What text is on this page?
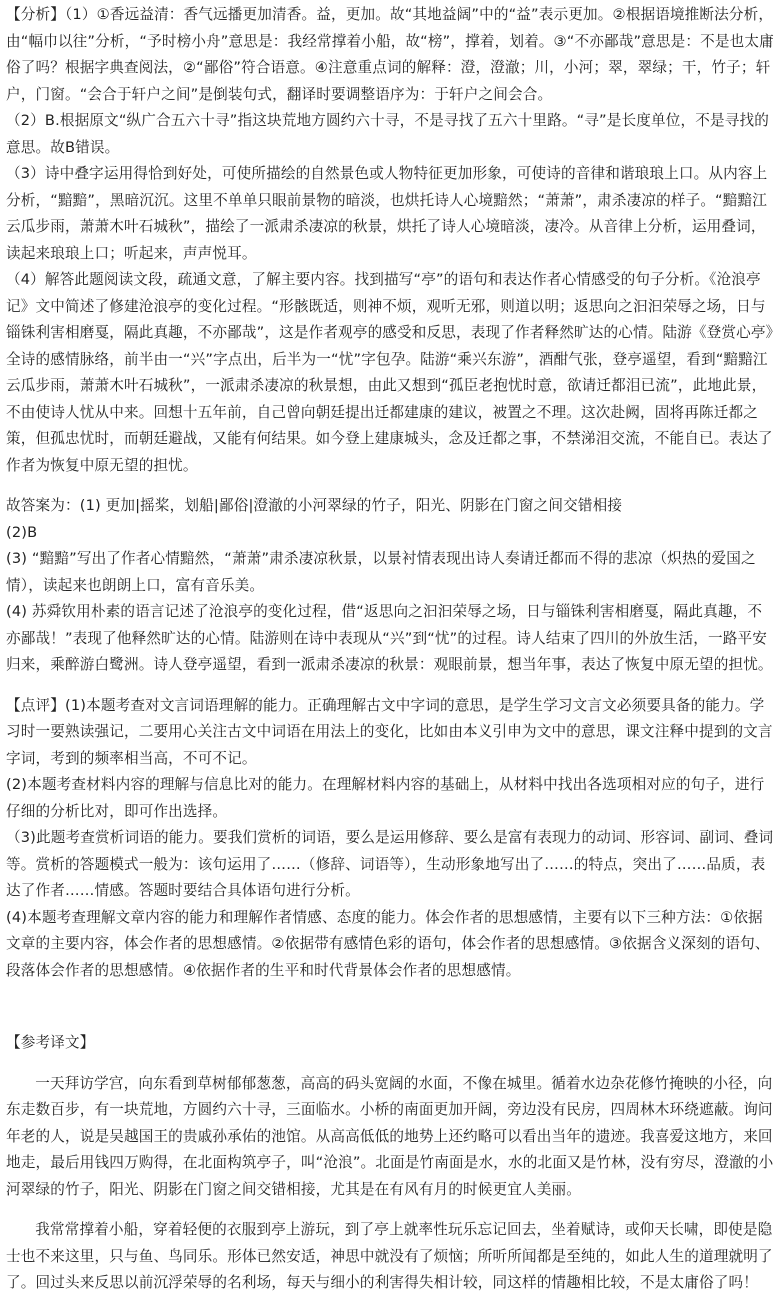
【分析】（1）①香远益清：香气远播更加清香。益，更加。故“其地益阔”中的“益”表示更加。②根据语境推断法分析，由“幅巾以往”分析，“予时榜小舟”意思是：我经常撑着小船，故“榜”，撑着，划着。③“不亦鄙哉”意思是：不是也太庸俗了吗？根据字典查阅法，②“鄙俗”符合语意。④注意重点词的解释：澄，澄澈；川，小河；翠，翠绿；干，竹子；轩户，门窗。“会合于轩户之间”是倒装句式，翻译时要调整语序为：于轩户之间会合。

（2）B.根据原文“纵广合五六十寻”指这块荒地方圆约六十寻，不是寻找了五六十里路。“寻”是长度单位，不是寻找的意思。故B错误。

（3）诗中叠字运用得恰到好处，可使所描绘的自然景色或人物特征更加形象，可使诗的音律和谐琅琅上口。从内容上分析，“黯黯”，黑暗沉沉。这里不单单只眼前景物的暗淡，也烘托诗人心境黯然；“萧萧”，肃杀凄凉的样子。“黯黯江云瓜步雨，萧萧木叶石城秋”，描绘了一派肃杀凄凉的秋景，烘托了诗人心境暗淡，凄冷。从音律上分析，运用叠词，读起来琅琅上口；听起来，声声悦耳。

（4）解答此题阅读文段，疏通文意，了解主要内容。找到描写“亭”的语句和表达作者心情感受的句子分析。《沧浪亭记》文中简述了修建沧浪亭的变化过程。“形骸既适，则神不烦，观听无邪，则道以明；返思向之汩汩荣辱之场，日与锱铢利害相磨戛，隔此真趣，不亦鄙哉”，这是作者观亭的感受和反思，表现了作者释然旷达的心情。陆游《登赏心亭》全诗的感情脉络，前半由一“兴”字点出，后半为一“忧”字包孕。陆游“乘兴东游”，酒酣气张，登亭遥望，看到“黯黯江云瓜步雨，萧萧木叶石城秋”，一派肃杀凄凉的秋景想，由此又想到“孤臣老抱忧时意，欲请迁都泪已流”，此地此景，不由使诗人忧从中来。回想十五年前，自己曾向朝廷提出迁都建康的建议，被置之不理。这次赴阙，固将再陈迁都之策，但孤忠忧时，而朝廷避战，又能有何结果。如今登上建康城头，念及迁都之事，不禁涕泪交流，不能自已。表达了作者为恢复中原无望的担忧。

故答案为：(1) 更加|摇桨，划船|鄙俗|澄澈的小河翠绿的竹子，阳光、阴影在门窗之间交错相接

(2)B

(3) “黯黯”写出了作者心情黯然，“萧萧”肃杀凄凉秋景，以景衬情表现出诗人奏请迁都而不得的悲凉（炽热的爱国之情），读起来也朗朗上口，富有音乐美。

(4) 苏舜钦用朴素的语言记述了沧浪亭的变化过程，借“返思向之汩汩荣辱之场，日与锱铢利害相磨戛，隔此真趣，不亦鄙哉！”表现了他释然旷达的心情。陆游则在诗中表现从“兴”到“忧”的过程。诗人结束了四川的外放生活，一路平安归来，乘醉游白鹭洲。诗人登亭遥望，看到一派肃杀凄凉的秋景：观眼前景，想当年事，表达了恢复中原无望的担忧。

【点评】(1)本题考查对文言词语理解的能力。正确理解古文中字词的意思，是学生学习文言文必须要具备的能力。学习时一要熟读强记，二要用心关注古文中词语在用法上的变化，比如由本义引申为文中的意思，课文注释中提到的文言字词，考到的频率相当高，不可不记。

(2)本题考查材料内容的理解与信息比对的能力。在理解材料内容的基础上，从材料中找出各选项相对应的句子，进行仔细的分析比对，即可作出选择。

（3)此题考查赏析词语的能力。要我们赏析的词语，要么是运用修辞、要么是富有表现力的动词、形容词、副词、叠词等。赏析的答题模式一般为：该句运用了……（修辞、词语等），生动形象地写出了……的特点，突出了……品质，表达了作者……情感。答题时要结合具体语句进行分析。

(4)本题考查理解文章内容的能力和理解作者情感、态度的能力。体会作者的思想感情，主要有以下三种方法：①依据文章的主要内容，体会作者的思想感情。②依据带有感情色彩的语句，体会作者的思想感情。③依据含义深刻的语句、段落体会作者的思想感情。④依据作者的生平和时代背景体会作者的思想感情。

【参考译文】

一天拜访学宫，向东看到草树郁郁葱葱，高高的码头宽阔的水面，不像在城里。循着水边杂花修竹掩映的小径，向东走数百步，有一块荒地，方圆约六十寻，三面临水。小桥的南面更加开阔，旁边没有民房，四周林木环绕遮蔽。询问年老的人，说是吴越国王的贵戚孙承佑的池馆。从高高低低的地势上还约略可以看出当年的遗迹。我喜爱这地方，来回地走，最后用钱四万购得，在北面构筑亭子，叫“沧浪”。北面是竹南面是水，水的北面又是竹林，没有穷尽，澄澈的小河翠绿的竹子，阳光、阴影在门窗之间交错相接，尤其是在有风有月的时候更宜人美丽。

我常常撑着小船，穿着轻便的衣服到亭上游玩，到了亭上就率性玩乐忘记回去，坐着赋诗，或仰天长啸，即使是隐士也不来这里，只与鱼、鸟同乐。形体已然安适，神思中就没有了烦恼；所听所闻都是至纯的，如此人生的道理就明了了。回过头来反思以前沉浮荣辱的名利场，每天与细小的利害得失相计较，同这样的情趣相比较，不是太庸俗了吗！
